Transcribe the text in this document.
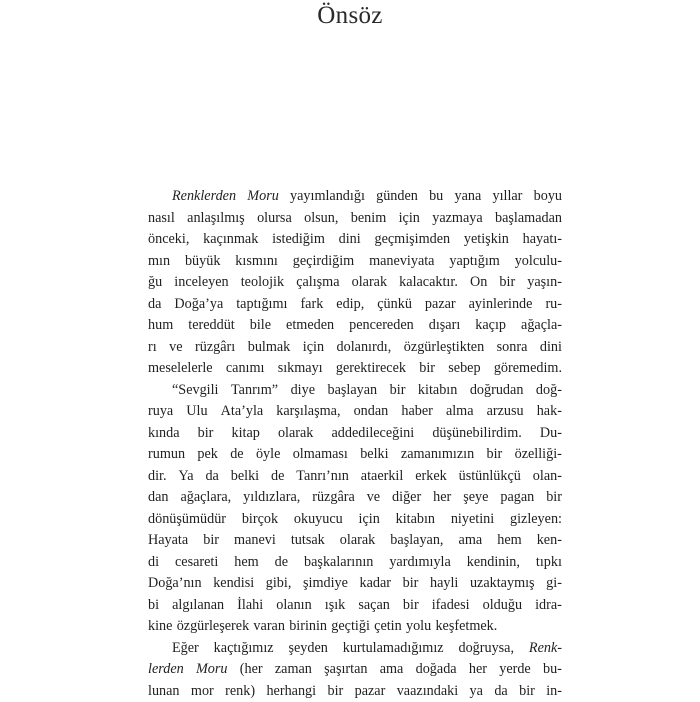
Önsöz
Renklerden Moru yayımlandığı günden bu yana yıllar boyu
nasıl anlaşılmış olursa olsun, benim için yazmaya başlamadan
önceki, kaçınmak istediğim dini geçmişimden yetişkin hayatı-
mın büyük kısmını geçirdiğim maneviyata yaptığım yolculu-
ğu inceleyen teolojik çalışma olarak kalacaktır. On bir yaşın-
da Doğa’ya taptığımı fark edip, çünkü pazar ayinlerinde ru-
hum tereddüt bile etmeden pencereden dışarı kaçıp ağaçla-
rı ve rüzgârı bulmak için dolanırdı, özgürleştikten sonra dini
meselelerle canımı sıkmayı gerektirecek bir sebep göremedim.
“Sevgili Tanrım” diye başlayan bir kitabın doğrudan doğ-
ruya Ulu Ata’yla karşılaşma, ondan haber alma arzusu hak-
kında bir kitap olarak addedileceğini düşünebilirdim. Du-
rumun pek de öyle olmaması belki zamanımızın bir özelliği-
dir. Ya da belki de Tanrı’nın ataerkil erkek üstünlükçü olan-
dan ağaçlara, yıldızlara, rüzgâra ve diğer her şeye pagan bir
dönüşümüdür birçok okuyucu için kitabın niyetini gizleyen:
Hayata bir manevi tutsak olarak başlayan, ama hem ken-
di cesareti hem de başkalarının yardımıyla kendinin, tıpkı
Doğa’nın kendisi gibi, şimdiye kadar bir hayli uzaktaymış gi-
bi algılanan İlahi olanın ışık saçan bir ifadesi olduğu idra-
kine özgürleşerek varan birinin geçtiği çetin yolu keşfetmek.
Eğer kaçtığımız şeyden kurtulamadığımız doğruysa, Renk-
lerden Moru (her zaman şaşırtan ama doğada her yerde bu-
lunan mor renk) herhangi bir pazar vaazındaki ya da bir in-
